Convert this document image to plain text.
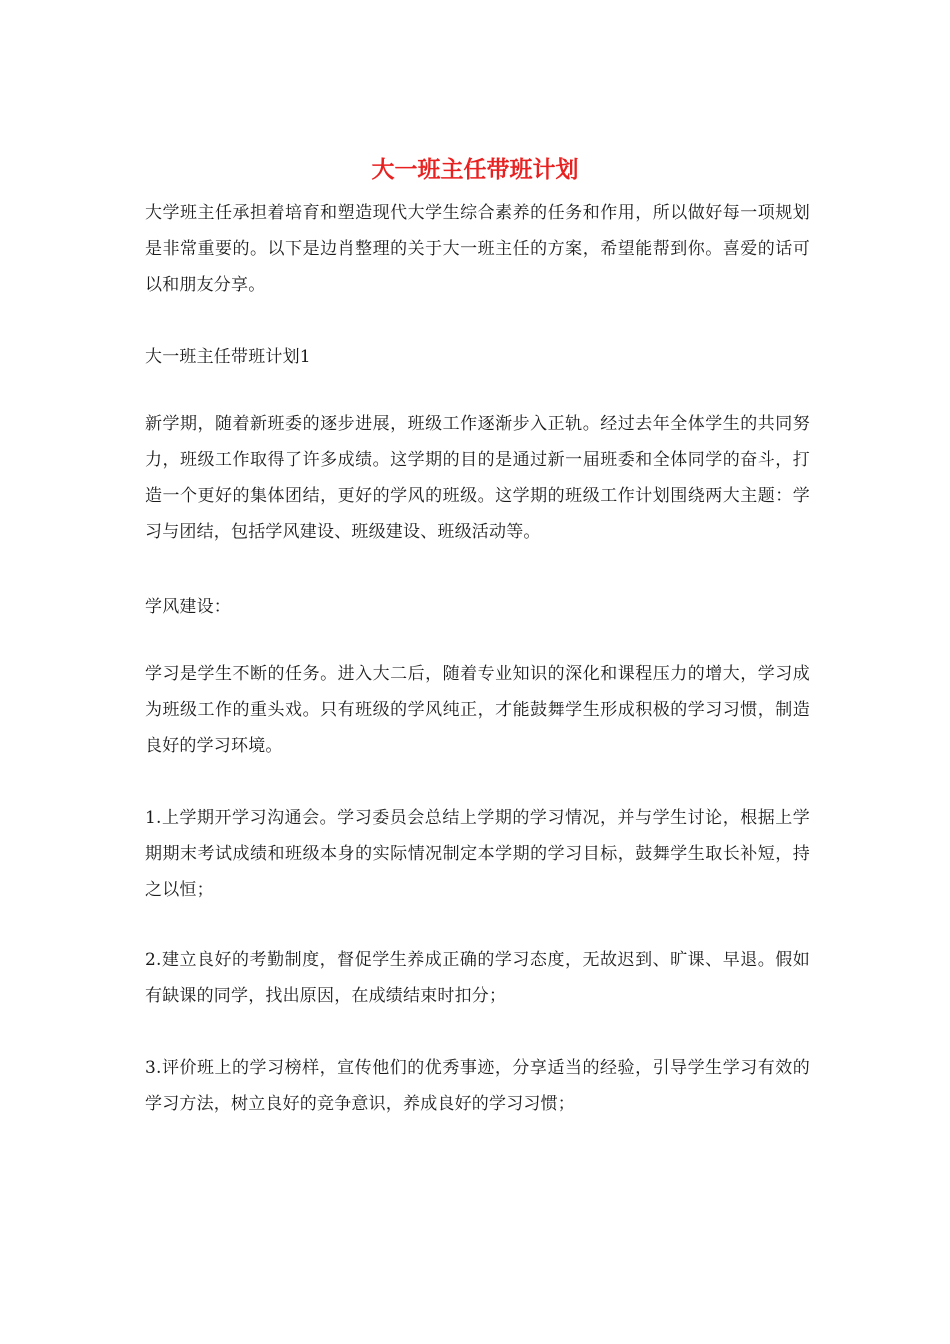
大一班主任带班计划

大学班主任承担着培育和塑造现代大学生综合素养的任务和作用，所以做好每一项规划是非常重要的。以下是边肖整理的关于大一班主任的方案，希望能帮到你。喜爱的话可以和朋友分享。

大一班主任带班计划1

新学期，随着新班委的逐步进展，班级工作逐渐步入正轨。经过去年全体学生的共同努力，班级工作取得了许多成绩。这学期的目的是通过新一届班委和全体同学的奋斗，打造一个更好的集体团结，更好的学风的班级。这学期的班级工作计划围绕两大主题：学习与团结，包括学风建设、班级建设、班级活动等。

学风建设：

学习是学生不断的任务。进入大二后，随着专业知识的深化和课程压力的增大，学习成为班级工作的重头戏。只有班级的学风纯正，才能鼓舞学生形成积极的学习习惯，制造良好的学习环境。

1.上学期开学习沟通会。学习委员会总结上学期的学习情况，并与学生讨论，根据上学期期末考试成绩和班级本身的实际情况制定本学期的学习目标，鼓舞学生取长补短，持之以恒；

2.建立良好的考勤制度，督促学生养成正确的学习态度，无故迟到、旷课、早退。假如有缺课的同学，找出原因，在成绩结束时扣分；

3.评价班上的学习榜样，宣传他们的优秀事迹，分享适当的经验，引导学生学习有效的学习方法，树立良好的竞争意识，养成良好的学习习惯；
